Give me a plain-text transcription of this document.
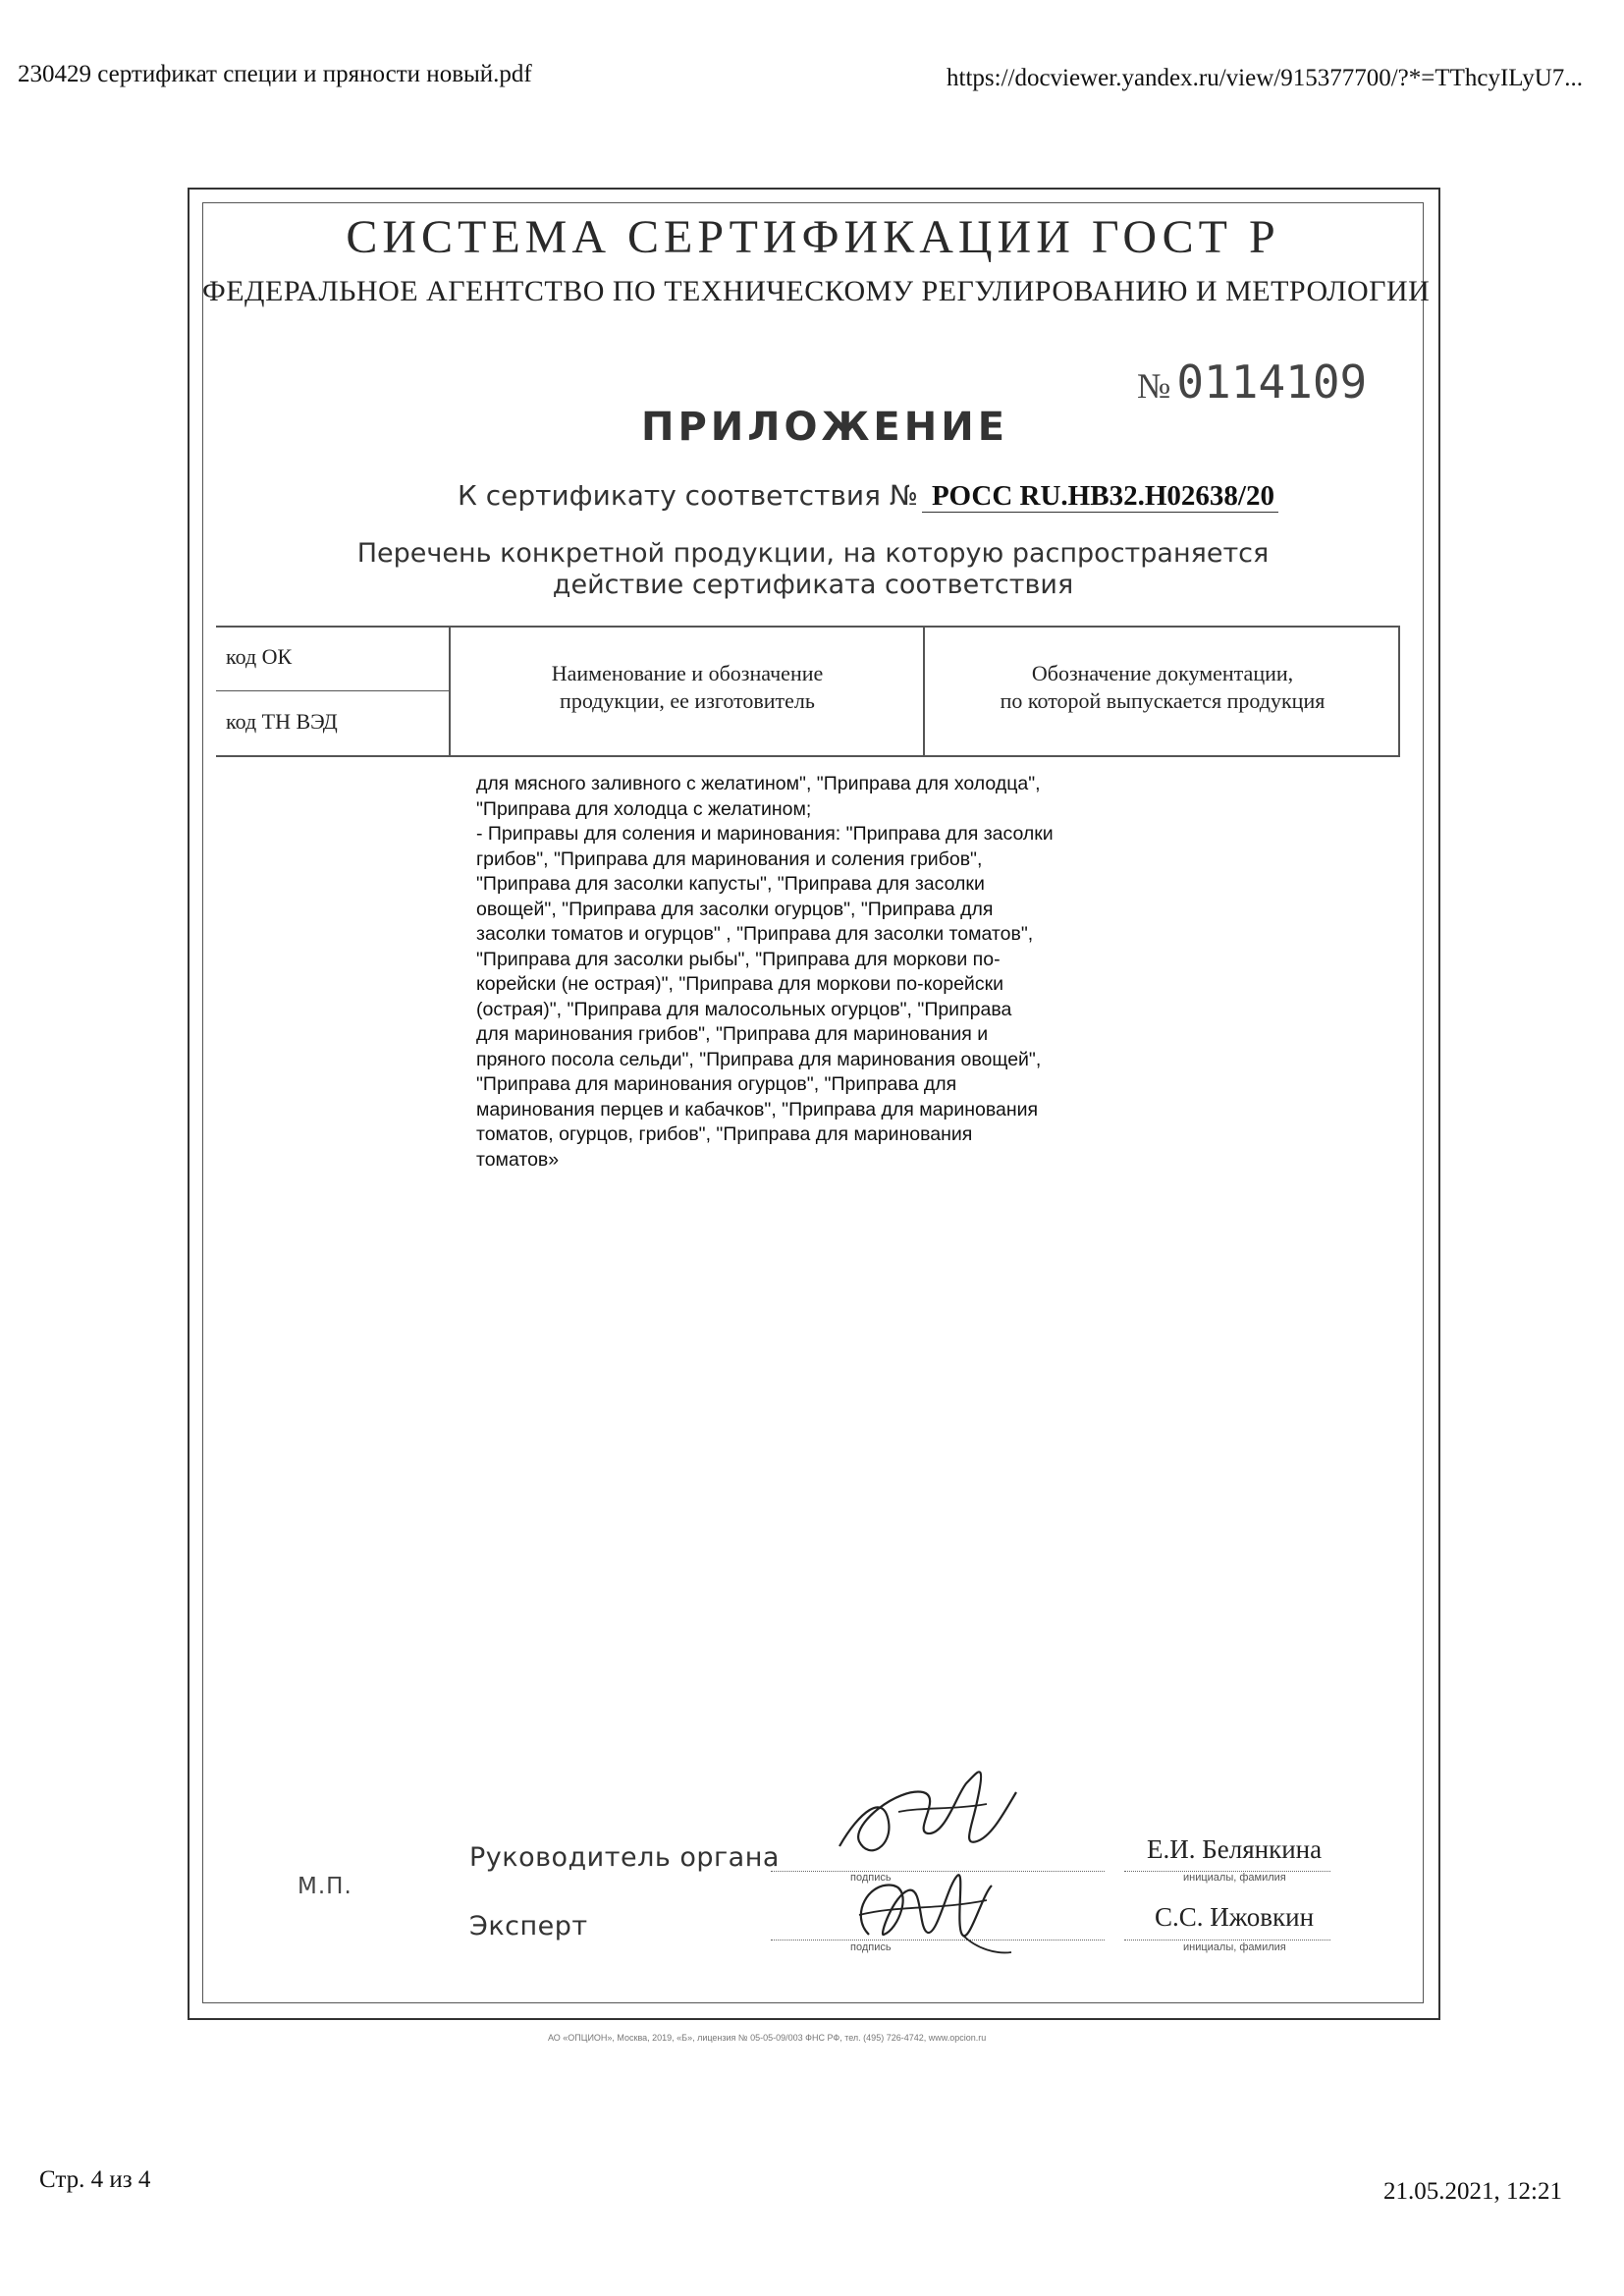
230429 сертификат специи и пряности новый.pdf	https://docviewer.yandex.ru/view/915377700/?*=TThcyILyU7...
СИСТЕМА СЕРТИФИКАЦИИ ГОСТ Р
ФЕДЕРАЛЬНОЕ АГЕНТСТВО ПО ТЕХНИЧЕСКОМУ РЕГУЛИРОВАНИЮ И МЕТРОЛОГИИ
№ 0114109
ПРИЛОЖЕНИЕ
К сертификату соответствия № РОСС RU.HB32.H02638/20
Перечень конкретной продукции, на которую распространяется
действие сертификата соответствия
код ОК
код ТН ВЭД
Наименование и обозначение
продукции, ее изготовитель
Обозначение документации,
по которой выпускается продукция

для мясного заливного с желатином", "Приправа для холодца",

"Приправа для холодца с желатином;

- Приправы для соления и маринования: "Приправа для засолки

грибов", "Приправа для маринования и соления грибов",

"Приправа для засолки капусты", "Приправа для засолки

овощей", "Приправа для засолки огурцов", "Приправа для

засолки томатов и огурцов" , "Приправа для засолки томатов",

"Приправа для засолки рыбы", "Приправа для моркови по-

корейски (не острая)", "Приправа для моркови по-корейски

(острая)", "Приправа для малосольных огурцов", "Приправа

для маринования грибов", "Приправа для маринования и

пряного посола сельди", "Приправа для маринования овощей",

"Приправа для маринования огурцов", "Приправа для

маринования перцев и кабачков", "Приправа для маринования

томатов, огурцов, грибов", "Приправа для маринования

томатов»

Руководитель органа
подпись
Е.И. Белянкина
инициалы, фамилия
М.П.
Эксперт
подпись
С.С. Ижовкин
инициалы, фамилия
АО «ОПЦИОН», Москва, 2019, «Б», лицензия № 05-05-09/003 ФНС РФ, тел. (495) 726-4742, www.opcion.ru
Стр. 4 из 4	21.05.2021, 12:21
